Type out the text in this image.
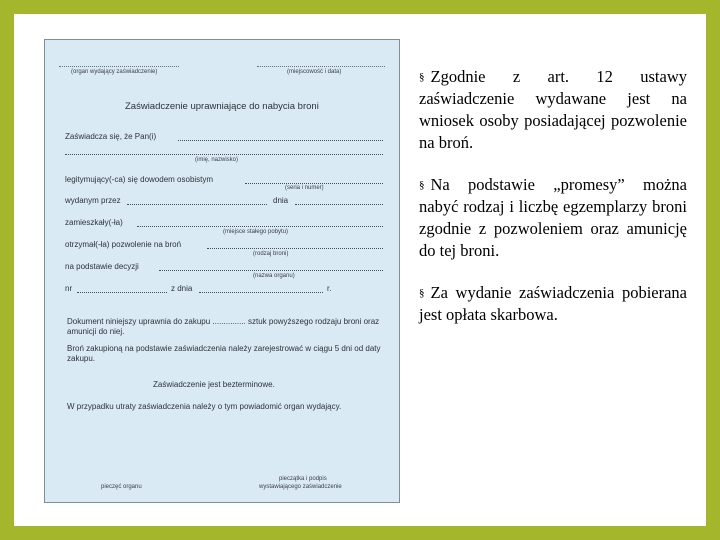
(organ wydający zaświadczenie)	(miejscowość i data)
Zaświadczenie uprawniające do nabycia broni
Zaświadcza się, że Pan(i)
(imię, nazwisko)
legitymujący(-ca) się dowodem osobistym
(seria i numer)
wydanym przez	dnia
zamieszkały(-ła)
(miejsce stałego pobytu)
otrzymał(-ła) pozwolenie na broń
(rodzaj broni)
na podstawie decyzji
(nazwa organu)
nr	z dnia	r.
Dokument niniejszy uprawnia do zakupu ............... sztuk powyższego rodzaju broni oraz amunicji do niej.
Broń zakupioną na podstawie zaświadczenia należy zarejestrować w ciągu 5 dni od daty zakupu.
Zaświadczenie jest bezterminowe.
W przypadku utraty zaświadczenia należy o tym powiadomić organ wydający.
pieczęć organu
pieczątka i podpis
wystawiającego zaświadczenie
§ Zgodnie z art. 12 ustawy zaświadczenie wydawane jest na wniosek osoby posiadającej pozwolenie na broń.
§ Na podstawie „promesy” można nabyć rodzaj i liczbę egzemplarzy broni zgodnie z pozwoleniem oraz amunicję do tej broni.
§ Za wydanie zaświadczenia pobierana jest opłata skarbowa.
